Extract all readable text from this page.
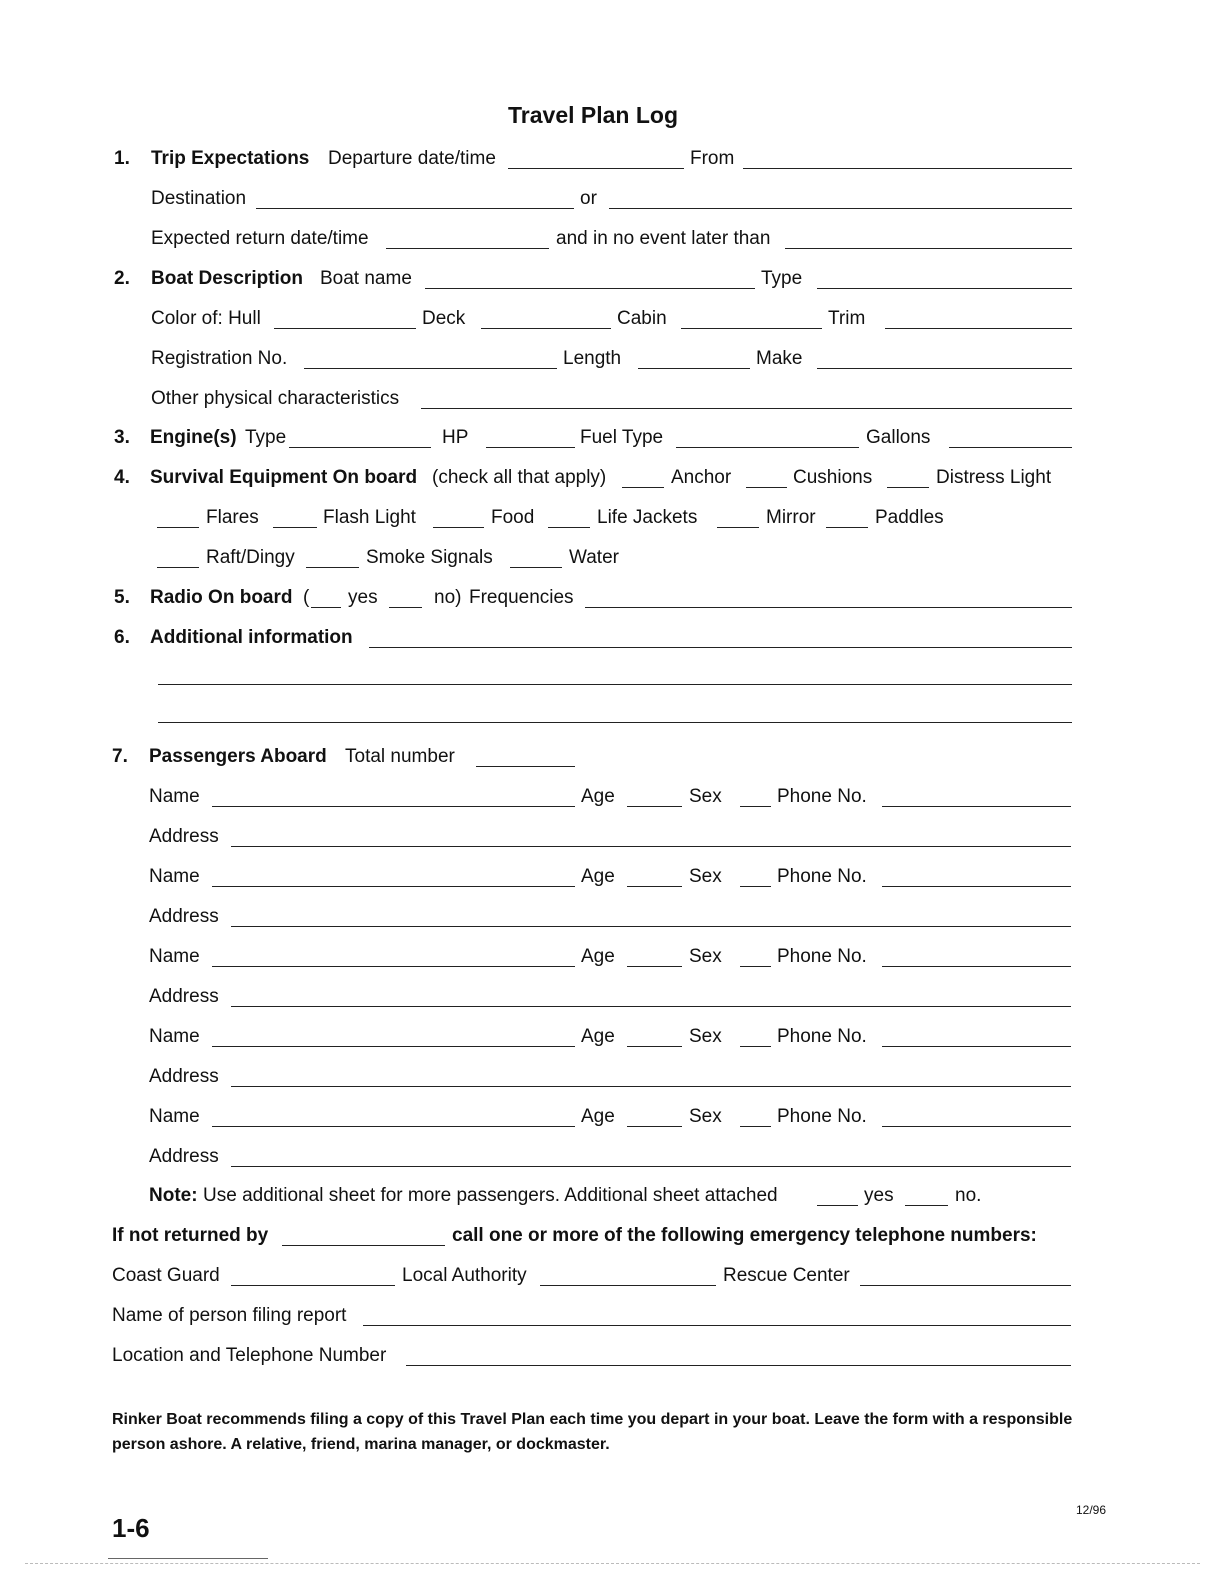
Travel Plan Log
1. Trip Expectations Departure date/time	From
Destination	or
Expected return date/time	and in no event later than
2. Boat Description Boat name	Type
Color of: Hull	Deck	Cabin	Trim
Registration No.	Length	Make
Other physical characteristics
3. Engine(s) Type	HP	Fuel Type	Gallons
4. Survival Equipment On board (check all that apply)	Anchor	Cushions	Distress Light
Flares	Flash Light	Food	Life Jackets	Mirror	Paddles
Raft/Dingy	Smoke Signals	Water
5. Radio On board ( yes	no) Frequencies
6. Additional information
7. Passengers Aboard Total number
Name	Age	Sex	Phone No.
Address
Name	Age	Sex	Phone No.
Address
Name	Age	Sex	Phone No.
Address
Name	Age	Sex	Phone No.
Address
Name	Age	Sex	Phone No.
Address
Note: Use additional sheet for more passengers. Additional sheet attached	yes	no.
If not returned by	call one or more of the following emergency telephone numbers:
Coast Guard	Local Authority	Rescue Center
Name of person filing report
Location and Telephone Number
Rinker Boat recommends filing a copy of this Travel Plan each time you depart in your boat. Leave the form with a responsible person ashore. A relative, friend, marina manager, or dockmaster.
12/96
1-6
